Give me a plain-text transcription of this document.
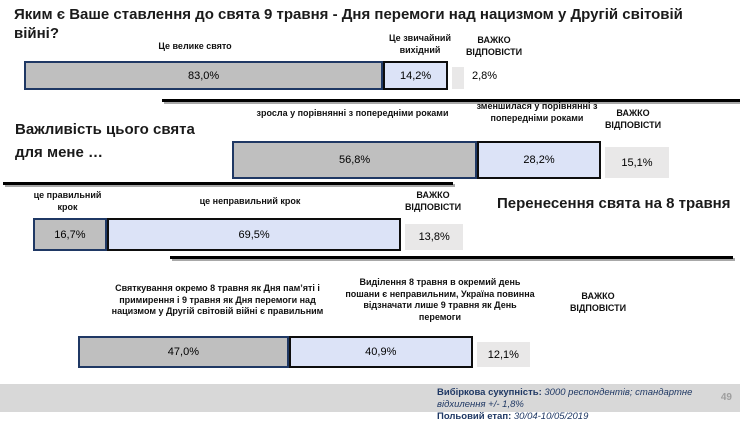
Яким є Ваше ставлення до свята 9 травня - Дня перемоги над нацизмом у Другій світовій війні?
Це велике свято
Це звичайний вихідний
ВАЖКО ВІДПОВІСТИ
83,0%	14,2%	2,8%
Важливість цього свята для мене …
зросла у порівнянні з попередніми роками
зменшилася у порівнянні з попередніми роками	ВАЖКО ВІДПОВІСТИ
56,8%	28,2%	15,1%
це правильний крок
це неправильний крок
ВАЖКО ВІДПОВІСТИ	Перенесення свята на 8 травня
16,7%	69,5%	13,8%
Святкування окремо 8 травня як Дня пам’яті і примирення і 9 травня як Дня перемоги над нацизмом у Другій світовій війні є правильним
Виділення 8 травня в окремий день пошани є неправильним, Україна повинна відзначати лише 9 травня як День перемоги
ВАЖКО ВІДПОВІСТИ
47,0%	40,9%	12,1%
Вибіркова сукупність: 3000 респондентів; стандартне відхилення +/- 1,8%
Польовий етап: 30/04-10/05/2019
49
